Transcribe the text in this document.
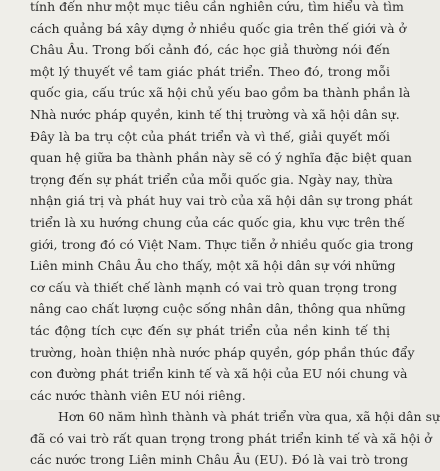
tính đến như một mục tiêu cần nghiên cứu, tìm hiểu và tìm
cách quảng bá xây dựng ở nhiều quốc gia trên thế giới và ở
Châu Âu. Trong bối cảnh đó, các học giả thường nói đến
một lý thuyết về tam giác phát triển. Theo đó, trong mỗi
quốc gia, cấu trúc xã hội chủ yếu bao gồm ba thành phần là
Nhà nước pháp quyền, kinh tế thị trường và xã hội dân sự.
Đây là ba trụ cột của phát triển và vì thế, giải quyết mối
quan hệ giữa ba thành phần này sẽ có ý nghĩa đặc biệt quan
trọng đến sự phát triển của mỗi quốc gia. Ngày nay, thừa
nhận giá trị và phát huy vai trò của xã hội dân sự trong phát
triển là xu hướng chung của các quốc gia, khu vực trên thế
giới, trong đó có Việt Nam. Thực tiễn ở nhiều quốc gia trong
Liên minh Châu Âu cho thấy, một xã hội dân sự với những
cơ cấu và thiết chế lành mạnh có vai trò quan trọng trong
nâng cao chất lượng cuộc sống nhân dân, thông qua những
tác động tích cực đến sự phát triển của nền kinh tế thị
trường, hoàn thiện nhà nước pháp quyền, góp phần thúc đẩy
con đường phát triển kinh tế và xã hội của EU nói chung và
các nước thành viên EU nói riêng.
Hơn 60 năm hình thành và phát triển vừa qua, xã hội dân sự
đã có vai trò rất quan trọng trong phát triển kinh tế và xã hội ở
các nước trong Liên minh Châu Âu (EU). Đó là vai trò trong
